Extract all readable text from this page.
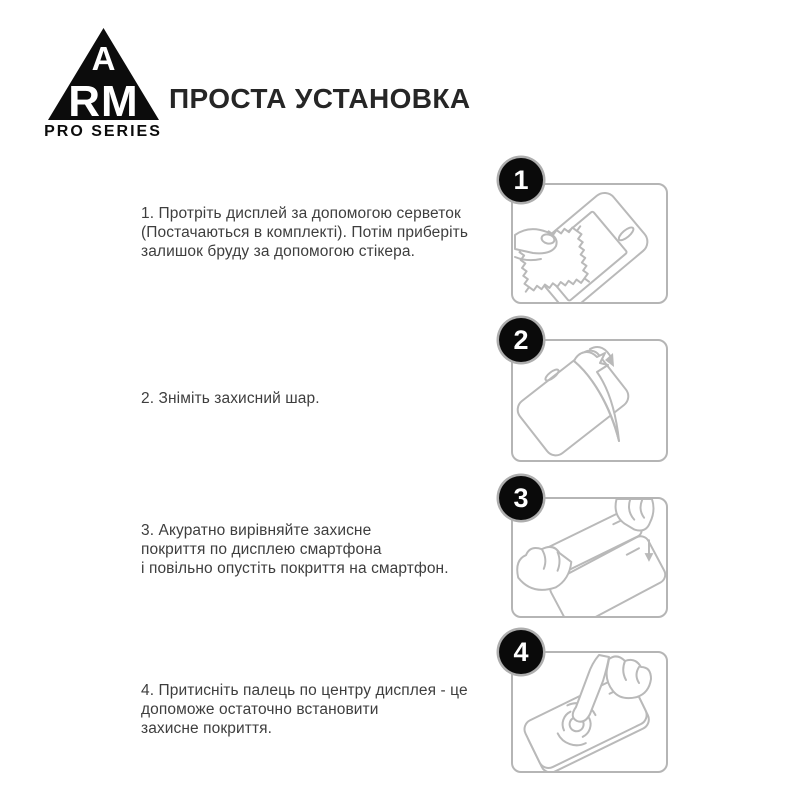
A
RM
PRO SERIES
ПРОСТА УСТАНОВКА
1. Протріть дисплей за допомогою серветок
(Постачаються в комплекті). Потім приберіть
залишок бруду за допомогою стікера.
1
2. Зніміть захисний шар.
2
3. Акуратно вирівняйте захисне
покриття по дисплею смартфона
і повільно опустіть покриття на смартфон.
3
4. Притисніть палець по центру дисплея - це
допоможе остаточно встановити
захисне покриття.
4
